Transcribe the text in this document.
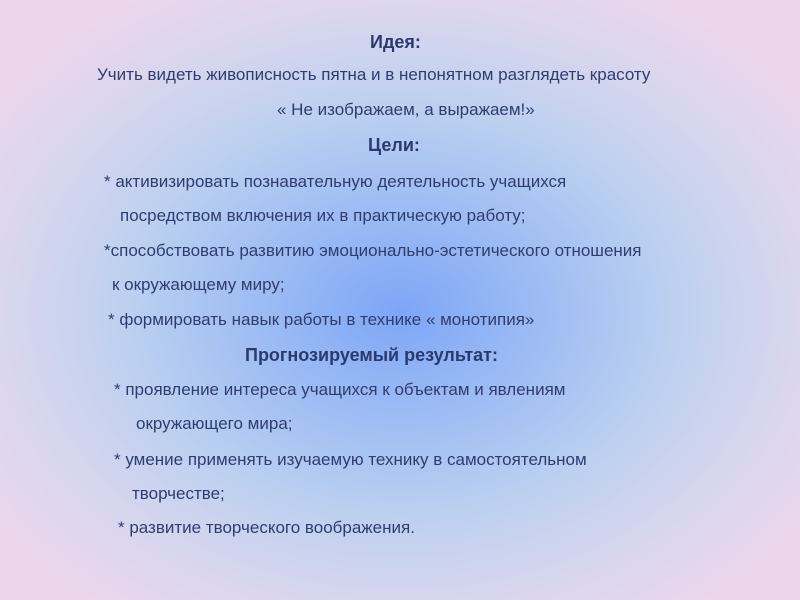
Идея:
Учить видеть живописность пятна и в непонятном разглядеть красоту
« Не изображаем, а выражаем!»
Цели:
* активизировать познавательную деятельность учащихся
посредством включения их в практическую работу;
*способствовать развитию эмоционально-эстетического отношения
к окружающему миру;
* формировать навык работы в технике « монотипия»
Прогнозируемый результат:
* проявление интереса учащихся к объектам и явлениям
окружающего мира;
* умение применять изучаемую технику в самостоятельном
творчестве;
* развитие творческого воображения.
